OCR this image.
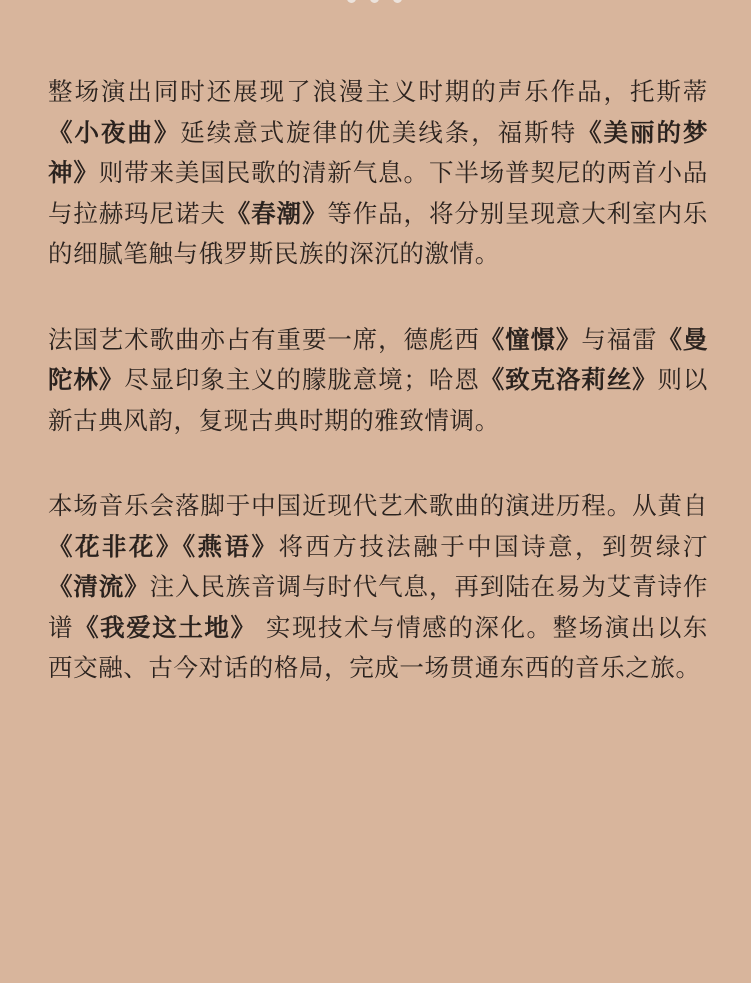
整场演出同时还展现了浪漫主义时期的声乐作品，托斯蒂《小夜曲》延续意式旋律的优美线条，福斯特《美丽的梦神》则带来美国民歌的清新气息。下半场普契尼的两首小品与拉赫玛尼诺夫《春潮》等作品，将分别呈现意大利室内乐的细腻笔触与俄罗斯民族的深沉的激情。

法国艺术歌曲亦占有重要一席，德彪西《憧憬》与福雷《曼陀林》尽显印象主义的朦胧意境；哈恩《致克洛莉丝》则以新古典风韵，复现古典时期的雅致情调。

本场音乐会落脚于中国近现代艺术歌曲的演进历程。从黄自《花非花》《燕语》将西方技法融于中国诗意，到贺绿汀《清流》注入民族音调与时代气息，再到陆在易为艾青诗作谱《我爱这土地》 实现技术与情感的深化。整场演出以东西交融、古今对话的格局，完成一场贯通东西的音乐之旅。
